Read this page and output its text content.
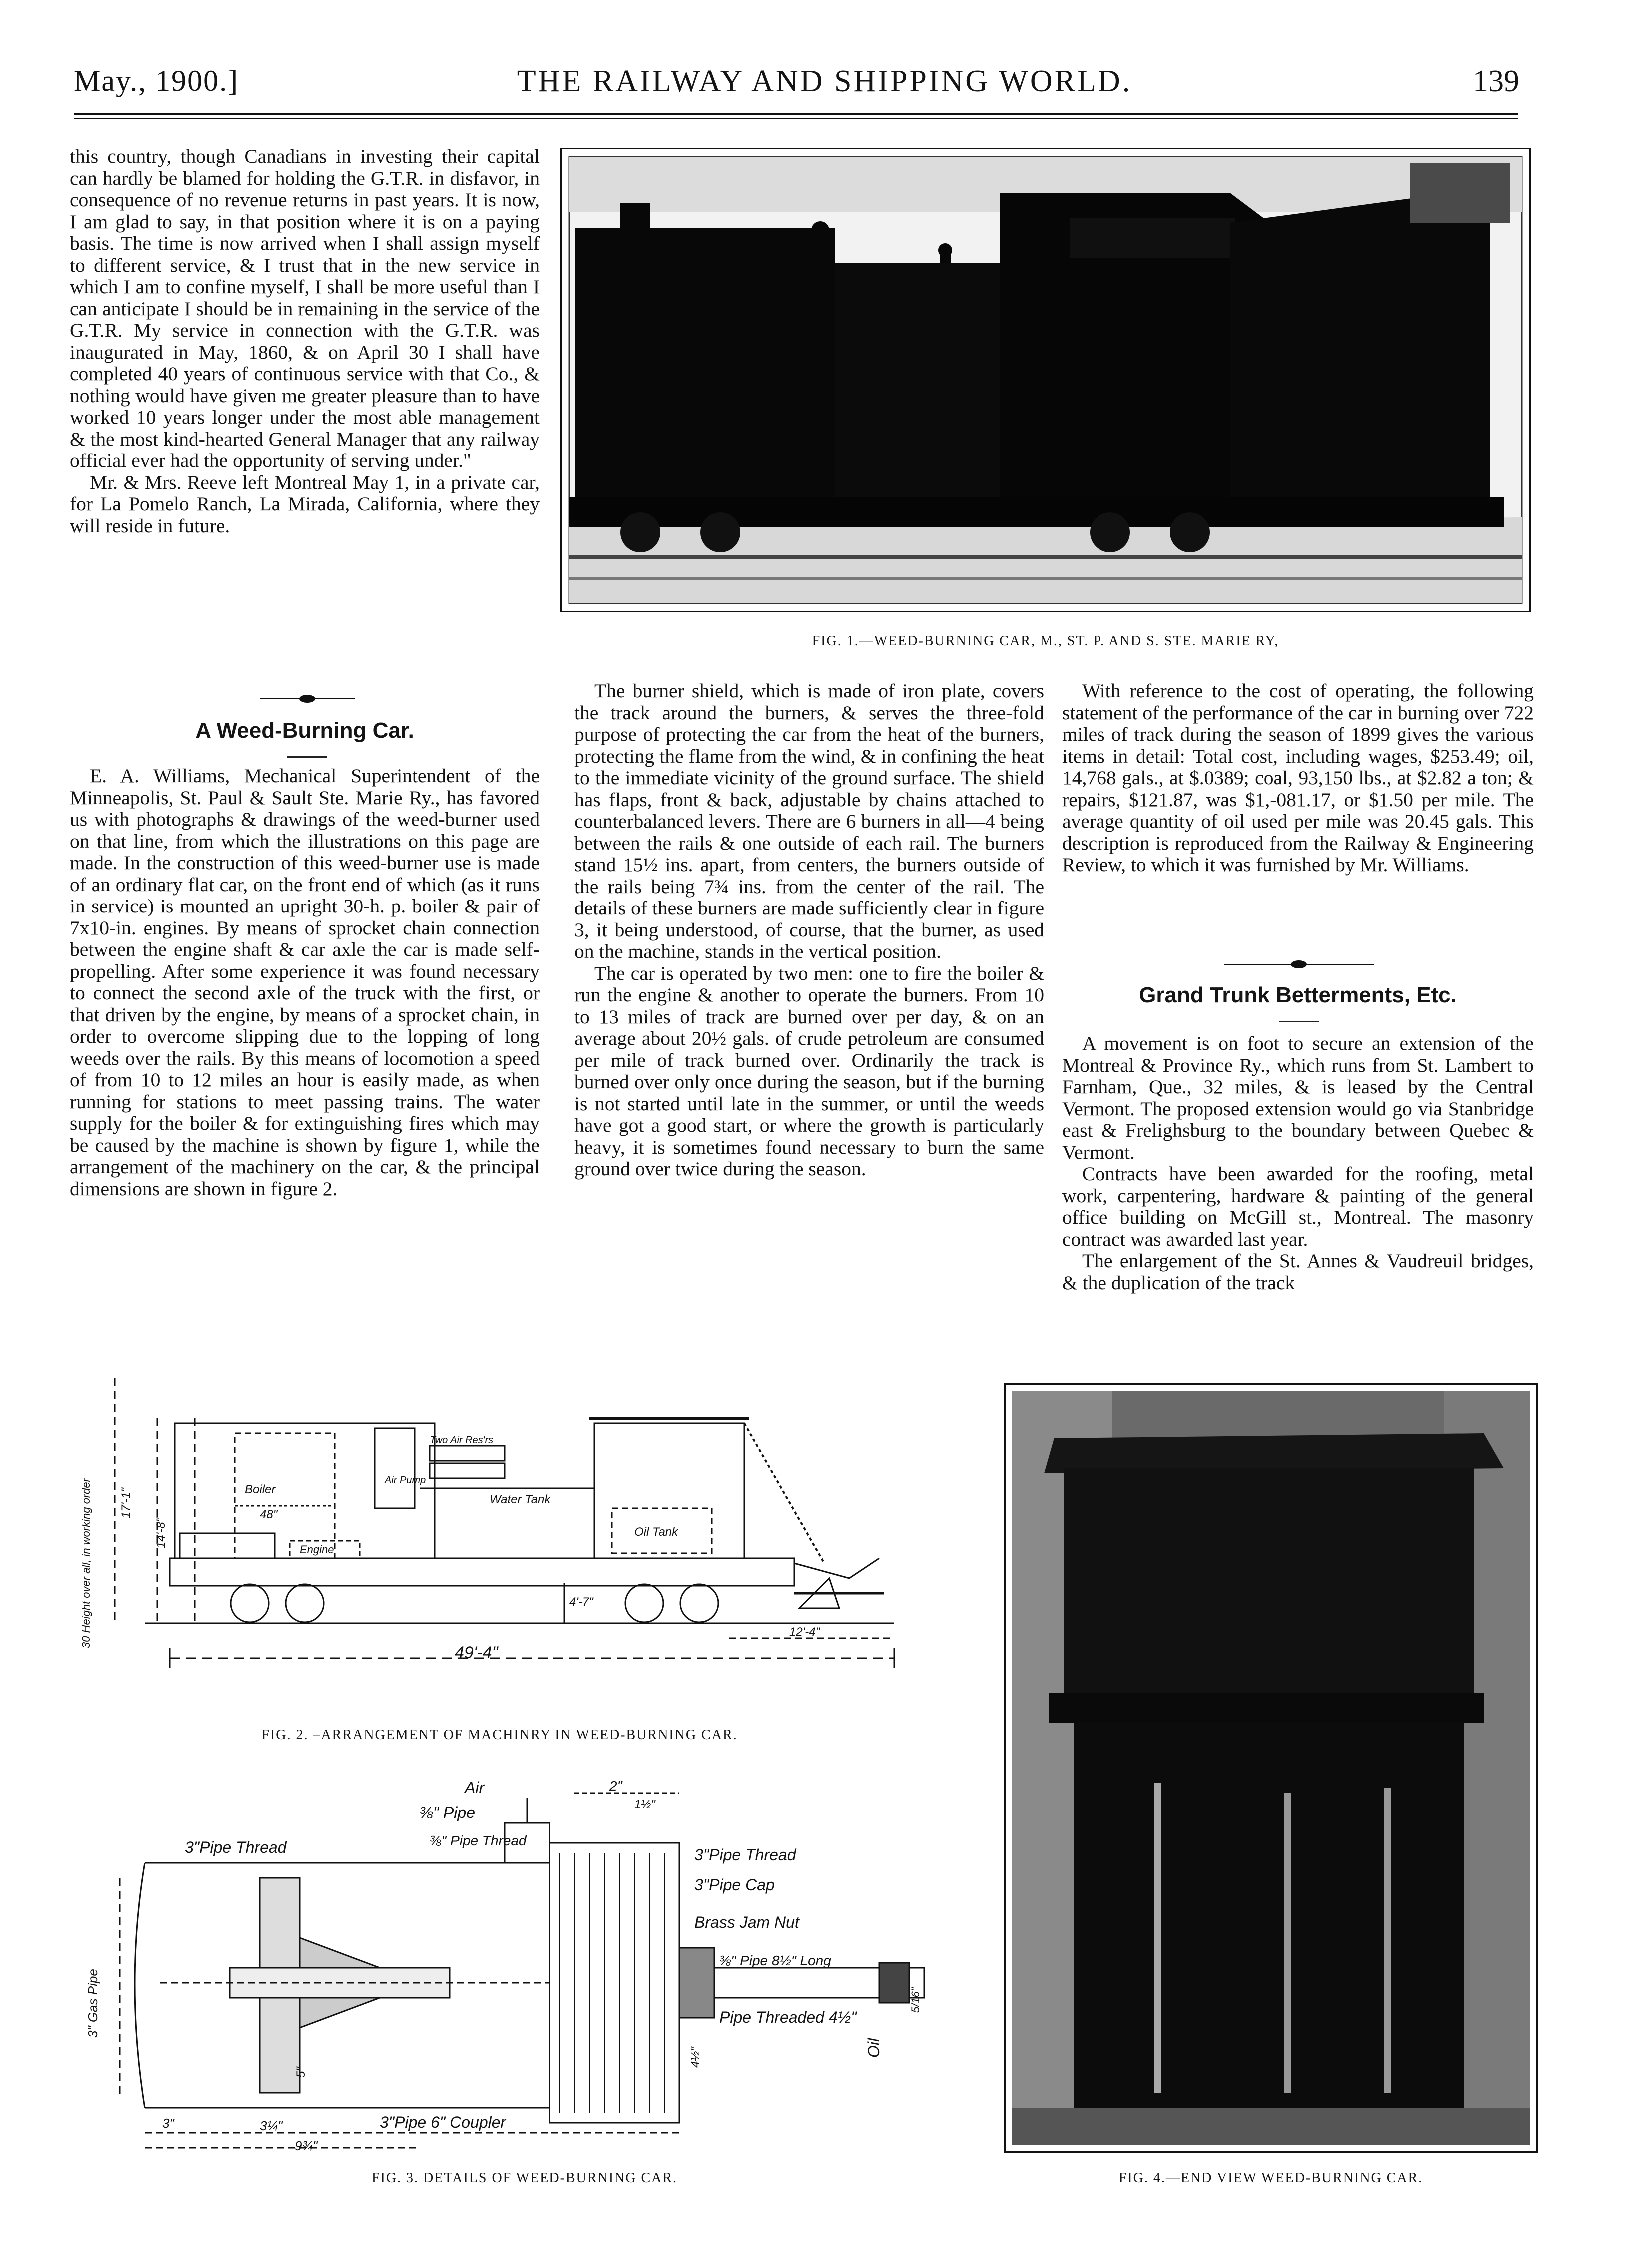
May., 1900.]	THE RAILWAY AND SHIPPING WORLD.	139

this country, though Canadians in investing their capital can hardly be blamed for holding the G.T.R. in disfavor, in consequence of no revenue returns in past years. It is now, I am glad to say, in that position where it is on a paying basis. The time is now arrived when I shall assign myself to different service, & I trust that in the new service in which I am to confine myself, I shall be more useful than I can anticipate I should be in remaining in the service of the G.T.R. My service in connection with the G.T.R. was inaugurated in May, 1860, & on April 30 I shall have completed 40 years of continuous service with that Co., & nothing would have given me greater pleasure than to have worked 10 years longer under the most able management & the most kind-hearted General Manager that any railway official ever had the opportunity of serving under."

Mr. & Mrs. Reeve left Montreal May 1, in a private car, for La Pomelo Ranch, La Mirada, California, where they will reside in future.

A Weed-Burning Car.

E. A. Williams, Mechanical Superintendent of the Minneapolis, St. Paul & Sault Ste. Marie Ry., has favored us with photographs & drawings of the weed-burner used on that line, from which the illustrations on this page are made. In the construction of this weed-burner use is made of an ordinary flat car, on the front end of which (as it runs in service) is mounted an upright 30-h. p. boiler & pair of 7x10-in. engines. By means of sprocket chain connection between the engine shaft & car axle the car is made self-propelling. After some experience it was found necessary to connect the second axle of the truck with the first, or that driven by the engine, by means of a sprocket chain, in order to overcome slipping due to the lopping of long weeds over the rails. By this means of locomotion a speed of from 10 to 12 miles an hour is easily made, as when running for stations to meet passing trains. The water supply for the boiler & for extinguishing fires which may be caused by the machine is shown by figure 1, while the arrangement of the machinery on the car, & the principal dimensions are shown in figure 2.

FIG. 1.—WEED-BURNING CAR, M., ST. P. AND S. STE. MARIE RY,

The burner shield, which is made of iron plate, covers the track around the burners, & serves the three-fold purpose of protecting the car from the heat of the burners, protecting the flame from the wind, & in confining the heat to the immediate vicinity of the ground surface. The shield has flaps, front & back, adjustable by chains attached to counterbalanced levers. There are 6 burners in all—4 being between the rails & one outside of each rail. The burners stand 15½ ins. apart, from centers, the burners outside of the rails being 7¾ ins. from the center of the rail. The details of these burners are made sufficiently clear in figure 3, it being understood, of course, that the burner, as used on the machine, stands in the vertical position.

The car is operated by two men: one to fire the boiler & run the engine & another to operate the burners. From 10 to 13 miles of track are burned over per day, & on an average about 20½ gals. of crude petroleum are consumed per mile of track burned over. Ordinarily the track is burned over only once during the season, but if the burning is not started until late in the summer, or until the weeds have got a good start, or where the growth is particularly heavy, it is sometimes found necessary to burn the same ground over twice during the season.

With reference to the cost of operating, the following statement of the performance of the car in burning over 722 miles of track during the season of 1899 gives the various items in detail: Total cost, including wages, $253.49; oil, 14,768 gals., at $.0389; coal, 93,150 lbs., at $2.82 a ton; & repairs, $121.87, was $1,-081.17, or $1.50 per mile. The average quantity of oil used per mile was 20.45 gals. This description is reproduced from the Railway & Engineering Review, to which it was furnished by Mr. Williams.

Grand Trunk Betterments, Etc.

A movement is on foot to secure an extension of the Montreal & Province Ry., which runs from St. Lambert to Farnham, Que., 32 miles, & is leased by the Central Vermont. The proposed extension would go via Stanbridge east & Frelighsburg to the boundary between Quebec & Vermont.

Contracts have been awarded for the roofing, metal work, carpentering, hardware & painting of the general office building on McGill st., Montreal. The masonry contract was awarded last year.

The enlargement of the St. Annes & Vaudreuil bridges, & the duplication of the track

Boiler
48"
Two Air Res'rs
Air Pump
Water Tank
Oil Tank
Engine
49'-4"
12'-4"
4'-7"
14'-8"
17'-1"
30 Height over all, in working order
FIG. 2. –ARRANGEMENT OF MACHINRY IN WEED-BURNING CAR.
3"Pipe Thread
Air
⅜" Pipe
⅜" Pipe Thread
2"
1½"
3"Pipe Thread
3"Pipe Cap
Brass Jam Nut
⅜" Pipe 8½" Long
Pipe Threaded 4½"
Oil
3"Pipe 6" Coupler
3" Gas Pipe
3"	3¼"
9¾"
4½"
5"
5/16"
FIG. 3. DETAILS OF WEED-BURNING CAR.	FIG. 4.—END VIEW WEED-BURNING CAR.
